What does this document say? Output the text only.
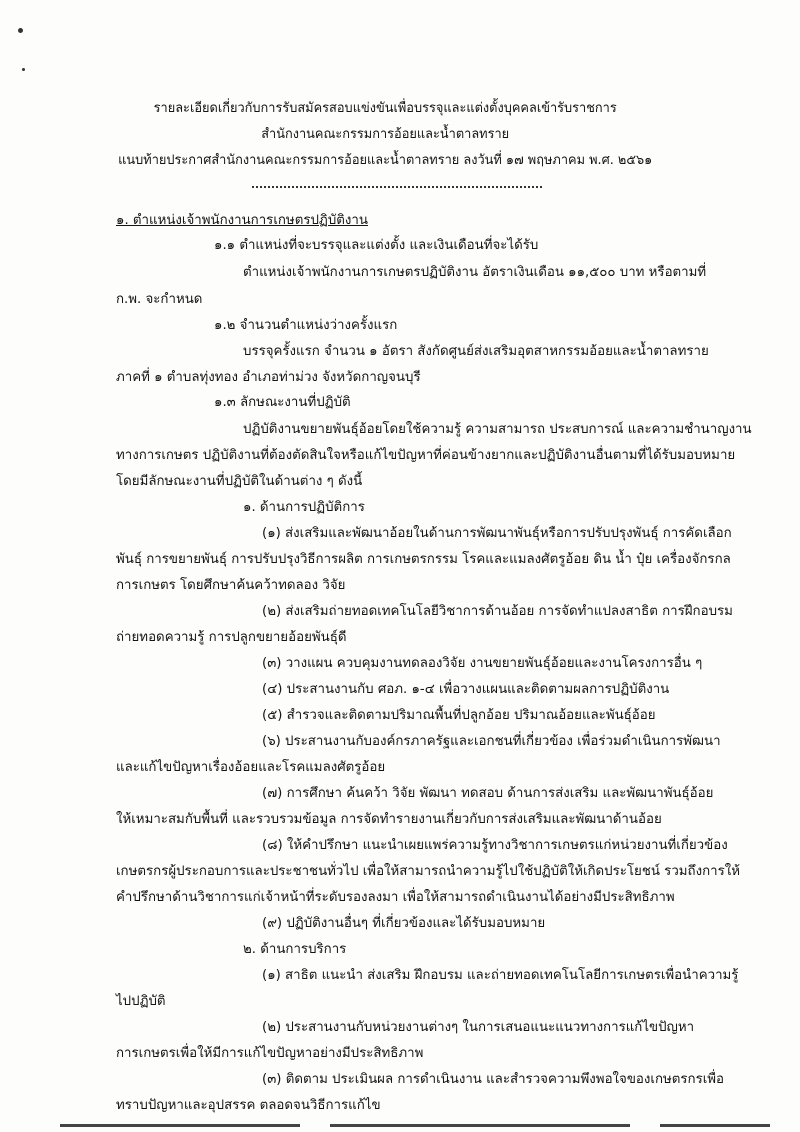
รายละเอียดเกี่ยวกับการรับสมัครสอบแข่งขันเพื่อบรรจุและแต่งตั้งบุคคลเข้ารับราชการ
สำนักงานคณะกรรมการอ้อยและน้ำตาลทราย
แนบท้ายประกาศสำนักงานคณะกรรมการอ้อยและน้ำตาลทราย ลงวันที่ ๑๗ พฤษภาคม พ.ศ. ๒๕๖๑
๑. ตำแหน่งเจ้าพนักงานการเกษตรปฏิบัติงาน
๑.๑ ตำแหน่งที่จะบรรจุและแต่งตั้ง และเงินเดือนที่จะได้รับ
ตำแหน่งเจ้าพนักงานการเกษตรปฏิบัติงาน อัตราเงินเดือน ๑๑,๕๐๐ บาท หรือตามที่
ก.พ. จะกำหนด
๑.๒ จำนวนตำแหน่งว่างครั้งแรก
บรรจุครั้งแรก จำนวน ๑ อัตรา สังกัดศูนย์ส่งเสริมอุตสาหกรรมอ้อยและน้ำตาลทราย
ภาคที่ ๑ ตำบลทุ่งทอง อำเภอท่าม่วง จังหวัดกาญจนบุรี
๑.๓ ลักษณะงานที่ปฏิบัติ
ปฏิบัติงานขยายพันธุ์อ้อยโดยใช้ความรู้ ความสามารถ ประสบการณ์ และความชำนาญงาน
ทางการเกษตร ปฏิบัติงานที่ต้องตัดสินใจหรือแก้ไขปัญหาที่ค่อนข้างยากและปฏิบัติงานอื่นตามที่ได้รับมอบหมาย
โดยมีลักษณะงานที่ปฏิบัติในด้านต่าง ๆ ดังนี้
๑. ด้านการปฏิบัติการ
(๑) ส่งเสริมและพัฒนาอ้อยในด้านการพัฒนาพันธุ์หรือการปรับปรุงพันธุ์ การคัดเลือก
พันธุ์ การขยายพันธุ์ การปรับปรุงวิธีการผลิต การเกษตรกรรม โรคและแมลงศัตรูอ้อย ดิน น้ำ ปุ๋ย เครื่องจักรกล
การเกษตร โดยศึกษาค้นคว้าทดลอง วิจัย
(๒) ส่งเสริมถ่ายทอดเทคโนโลยีวิชาการด้านอ้อย การจัดทำแปลงสาธิต การฝึกอบรม
ถ่ายทอดความรู้ การปลูกขยายอ้อยพันธุ์ดี
(๓) วางแผน ควบคุมงานทดลองวิจัย งานขยายพันธุ์อ้อยและงานโครงการอื่น ๆ
(๔) ประสานงานกับ ศอภ. ๑-๔ เพื่อวางแผนและติดตามผลการปฏิบัติงาน
(๕) สำรวจและติดตามปริมาณพื้นที่ปลูกอ้อย ปริมาณอ้อยและพันธุ์อ้อย
(๖) ประสานงานกับองค์กรภาครัฐและเอกชนที่เกี่ยวข้อง เพื่อร่วมดำเนินการพัฒนา
และแก้ไขปัญหาเรื่องอ้อยและโรคแมลงศัตรูอ้อย
(๗) การศึกษา ค้นคว้า วิจัย พัฒนา ทดสอบ ด้านการส่งเสริม และพัฒนาพันธุ์อ้อย
ให้เหมาะสมกับพื้นที่ และรวบรวมข้อมูล การจัดทำรายงานเกี่ยวกับการส่งเสริมและพัฒนาด้านอ้อย
(๘) ให้คำปรึกษา แนะนำเผยแพร่ความรู้ทางวิชาการเกษตรแก่หน่วยงานที่เกี่ยวข้อง
เกษตรกรผู้ประกอบการและประชาชนทั่วไป เพื่อให้สามารถนำความรู้ไปใช้ปฏิบัติให้เกิดประโยชน์ รวมถึงการให้
คำปรึกษาด้านวิชาการแก่เจ้าหน้าที่ระดับรองลงมา เพื่อให้สามารถดำเนินงานได้อย่างมีประสิทธิภาพ
(๙) ปฏิบัติงานอื่นๆ ที่เกี่ยวข้องและได้รับมอบหมาย
๒. ด้านการบริการ
(๑) สาธิต แนะนำ ส่งเสริม ฝึกอบรม และถ่ายทอดเทคโนโลยีการเกษตรเพื่อนำความรู้
ไปปฏิบัติ
(๒) ประสานงานกับหน่วยงานต่างๆ ในการเสนอแนะแนวทางการแก้ไขปัญหา
การเกษตรเพื่อให้มีการแก้ไขปัญหาอย่างมีประสิทธิภาพ
(๓) ติดตาม ประเมินผล การดำเนินงาน และสำรวจความพึงพอใจของเกษตรกรเพื่อ
ทราบปัญหาและอุปสรรค ตลอดจนวิธีการแก้ไข
